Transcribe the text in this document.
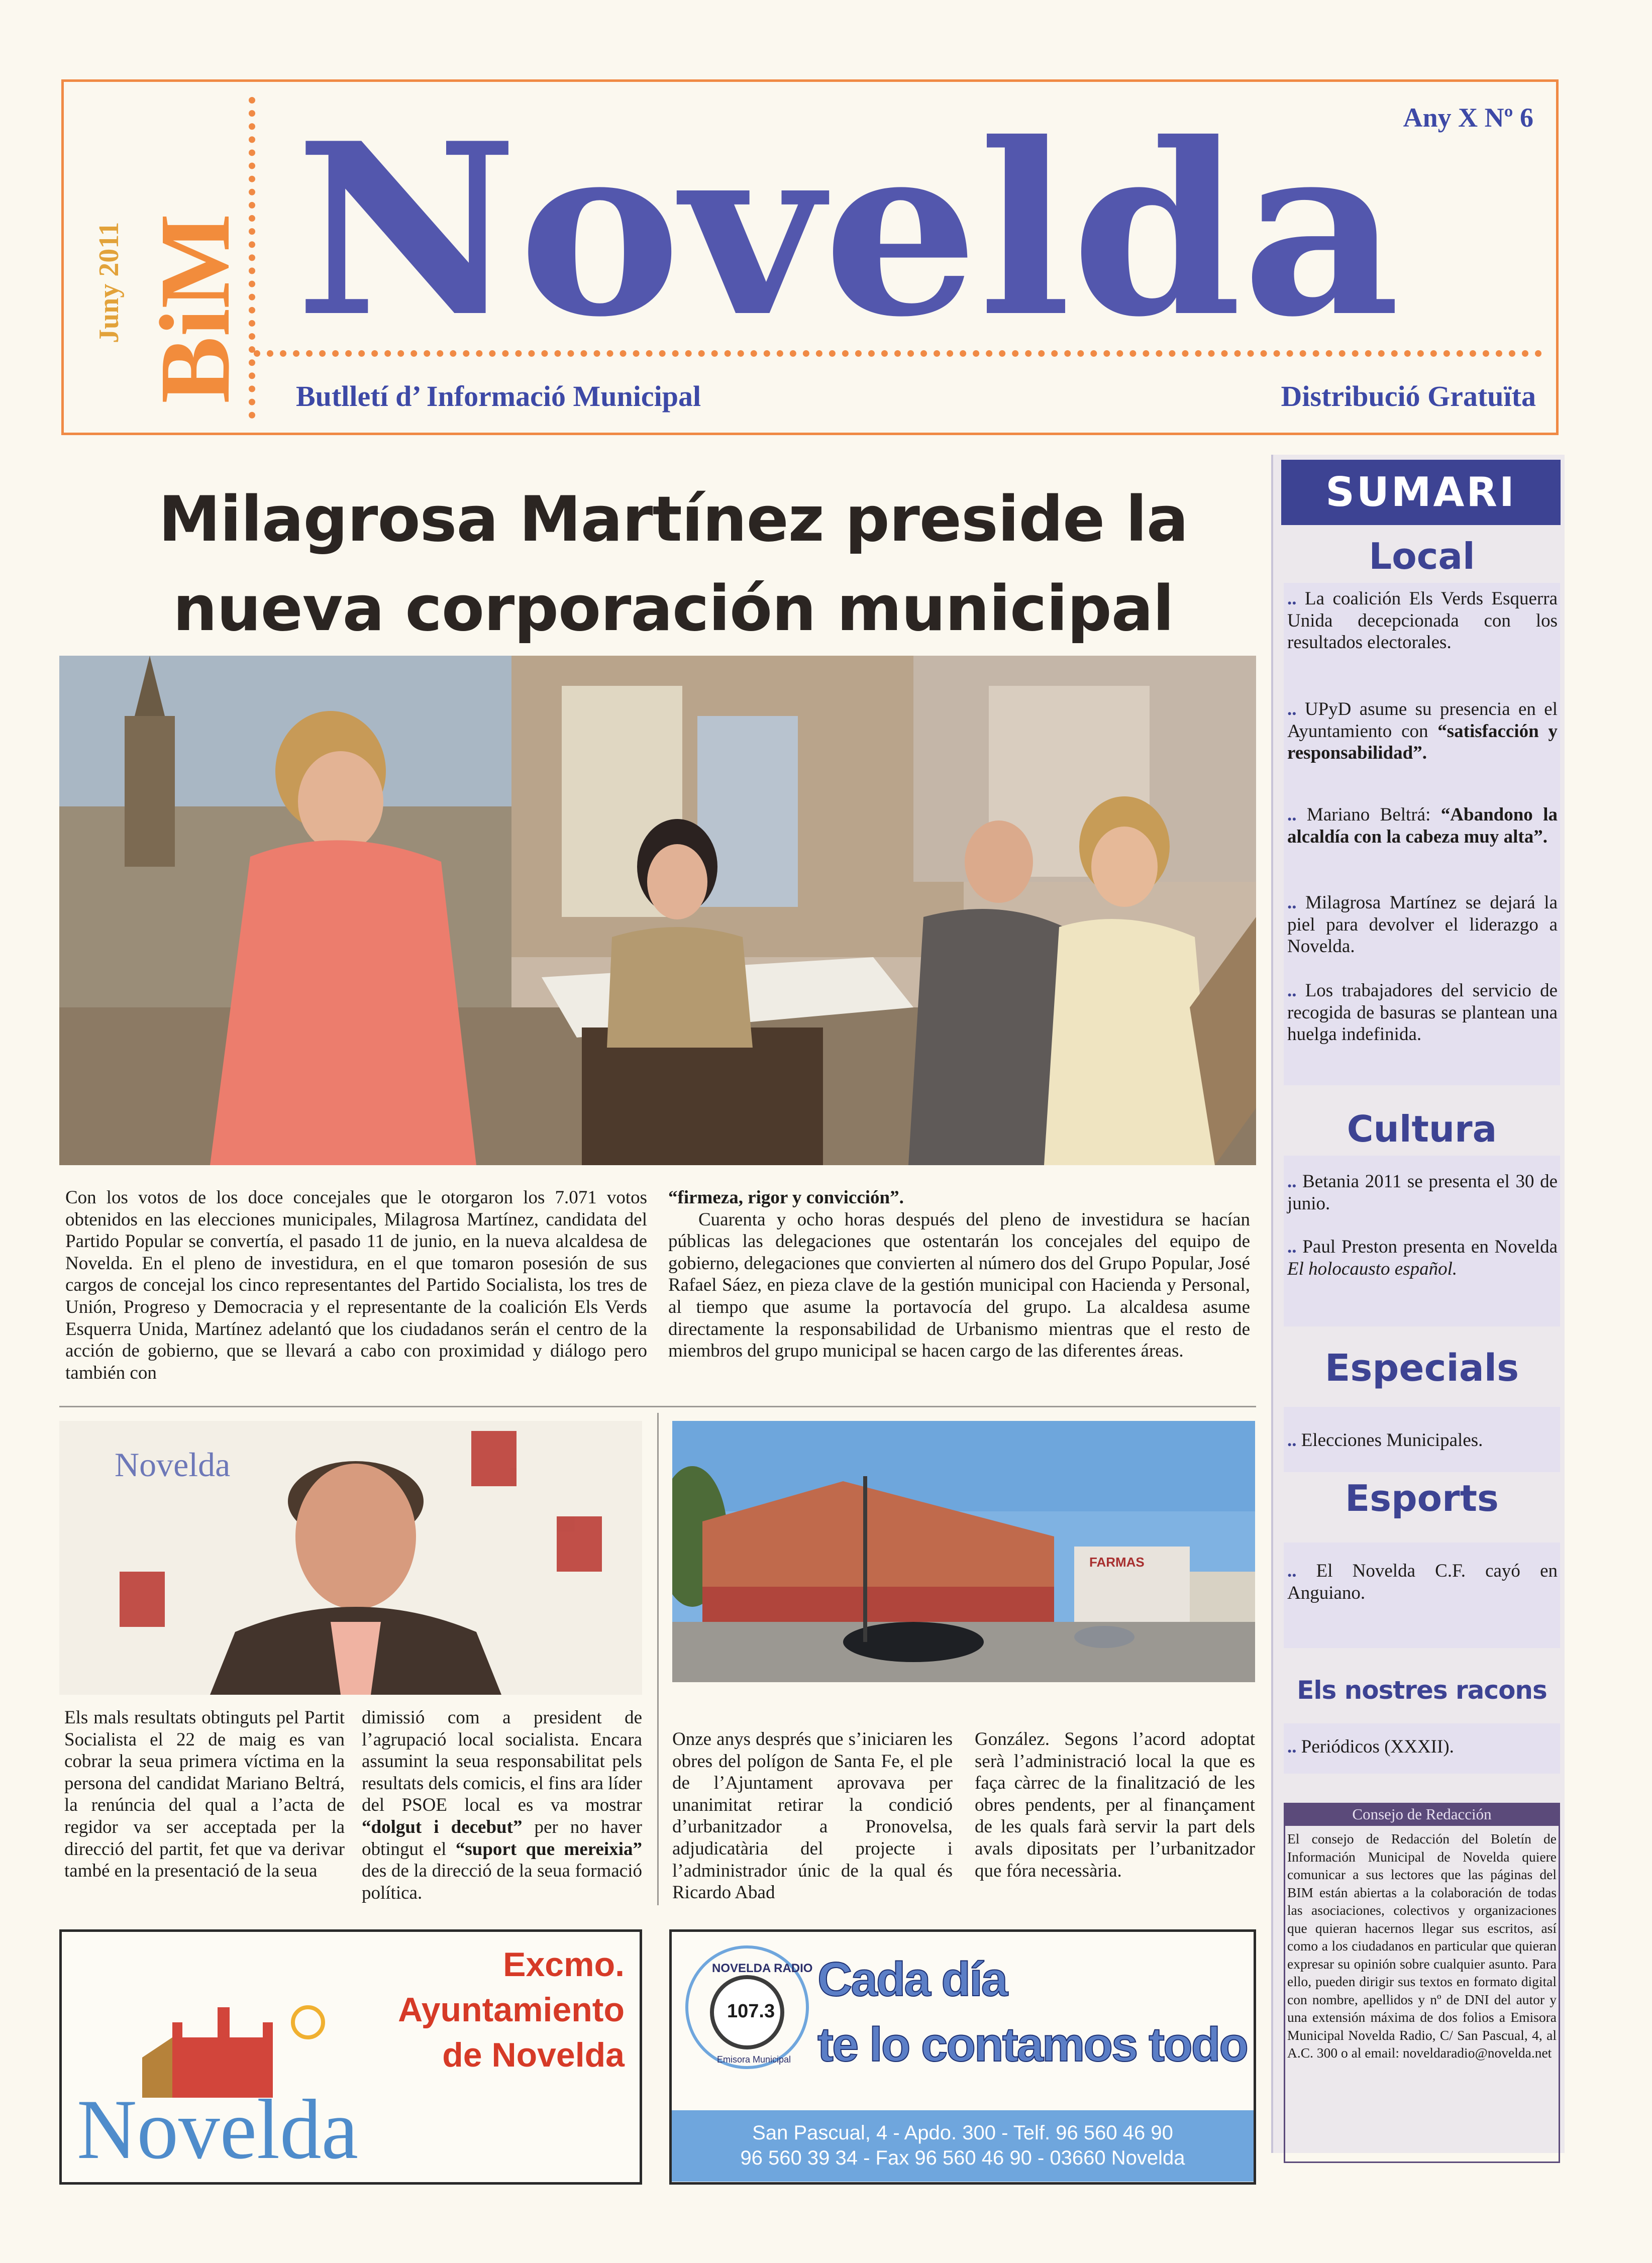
BiM
Juny 2011 Novelda Any X Nº 6
Butlletí d’ Informació Municipal	Distribució Gratuïta
Milagrosa Martínez preside la
nueva corporación municipal
Con los votos de los doce concejales que le otorgaron los 7.071 votos obtenidos en las elecciones municipales, Milagrosa Martínez, candidata del Partido Popular se convertía, el pasado 11 de junio, en la nueva alcaldesa de Novelda. En el pleno de investidura, en el que tomaron posesión de sus cargos de concejal los cinco representantes del Partido Socialista, los tres de Unión, Progreso y Democracia y el representante de la coalición Els Verds Esquerra Unida, Martínez adelantó que los ciudadanos serán el centro de la acción de gobierno, que se llevará a cabo con proximidad y diálogo pero también con
“firmeza, rigor y convicción”.
Cuarenta y ocho horas después del pleno de investidura se hacían públicas las delegaciones que ostentarán los concejales del equipo de gobierno, delegaciones que convierten al número dos del Grupo Popular, José Rafael Sáez, en pieza clave de la gestión municipal con Hacienda y Personal, al tiempo que asume la portavocía del grupo. La alcaldesa asume directamente la responsabilidad de Urbanismo mientras que el resto de miembros del grupo municipal se hacen cargo de las diferentes áreas.
Novelda
Els mals resultats obtinguts pel Partit Socialista el 22 de maig es van cobrar la seua primera víctima en la persona del candidat Mariano Beltrá, la renúncia del qual a l’acta de regidor va ser acceptada per la direcció del partit, fet que va derivar també en la presentació de la seua
dimissió com a president de l’agrupació local socialista. Encara assumint la seua responsabilitat pels resultats dels comicis, el fins ara líder del PSOE local es va mostrar “dolgut i decebut” per no haver obtingut el “suport que mereixia” des de la direcció de la seua formació política.
FARMAS
Onze anys després que s’iniciaren les obres del polígon de Santa Fe, el ple de l’Ajuntament aprovava per unanimitat retirar la condició d’urbanitzador a Pronovelsa, adjudicatària del projecte i l’administrador únic de la qual és Ricardo Abad
González. Segons l’acord adoptat serà l’administració local la que es faça càrrec de la finalització de les obres pendents, per al finançament de les quals farà servir la part dels avals dipositats per l’urbanitzador que fóra necessària.
Excmo.
Ayuntamiento
de Novelda
Novelda
NOVELDA RADIO
107.3
Emisora Municipal
Cada día
te lo contamos todo
San Pascual, 4 - Apdo. 300 - Telf. 96 560 46 90
96 560 39 34 - Fax 96 560 46 90 - 03660 Novelda
SUMARI
Local
.. La coalición Els Verds Esquerra Unida decepcionada con los resultados electorales.
.. UPyD asume su presencia en el Ayuntamiento con “satisfacción y responsabilidad”.
.. Mariano Beltrá: “Abandono la alcaldía con la cabeza muy alta”.
.. Milagrosa Martínez se dejará la piel para devolver el liderazgo a Novelda.
.. Los trabajadores del servicio de recogida de basuras se plantean una huelga indefinida.
Cultura
.. Betania 2011 se presenta el 30 de junio.
.. Paul Preston presenta en Novelda El holocausto español.
Especials
.. Elecciones Municipales.
Esports
.. El Novelda C.F. cayó en Anguiano.
Els nostres racons
.. Periódicos (XXXII).
Consejo de Redacción
El consejo de Redacción del Boletín de Información Municipal de Novelda quiere comunicar a sus lectores que las páginas del BIM están abiertas a la colaboración de todas las asociaciones, colectivos y organizaciones que quieran hacernos llegar sus escritos, así como a los ciudadanos en particular que quieran expresar su opinión sobre cualquier asunto. Para ello, pueden dirigir sus textos en formato digital con nombre, apellidos y nº de DNI del autor y una extensión máxima de dos folios a Emisora Municipal Novelda Radio, C/ San Pascual, 4, al A.C. 300 o al email: noveldaradio@novelda.net
